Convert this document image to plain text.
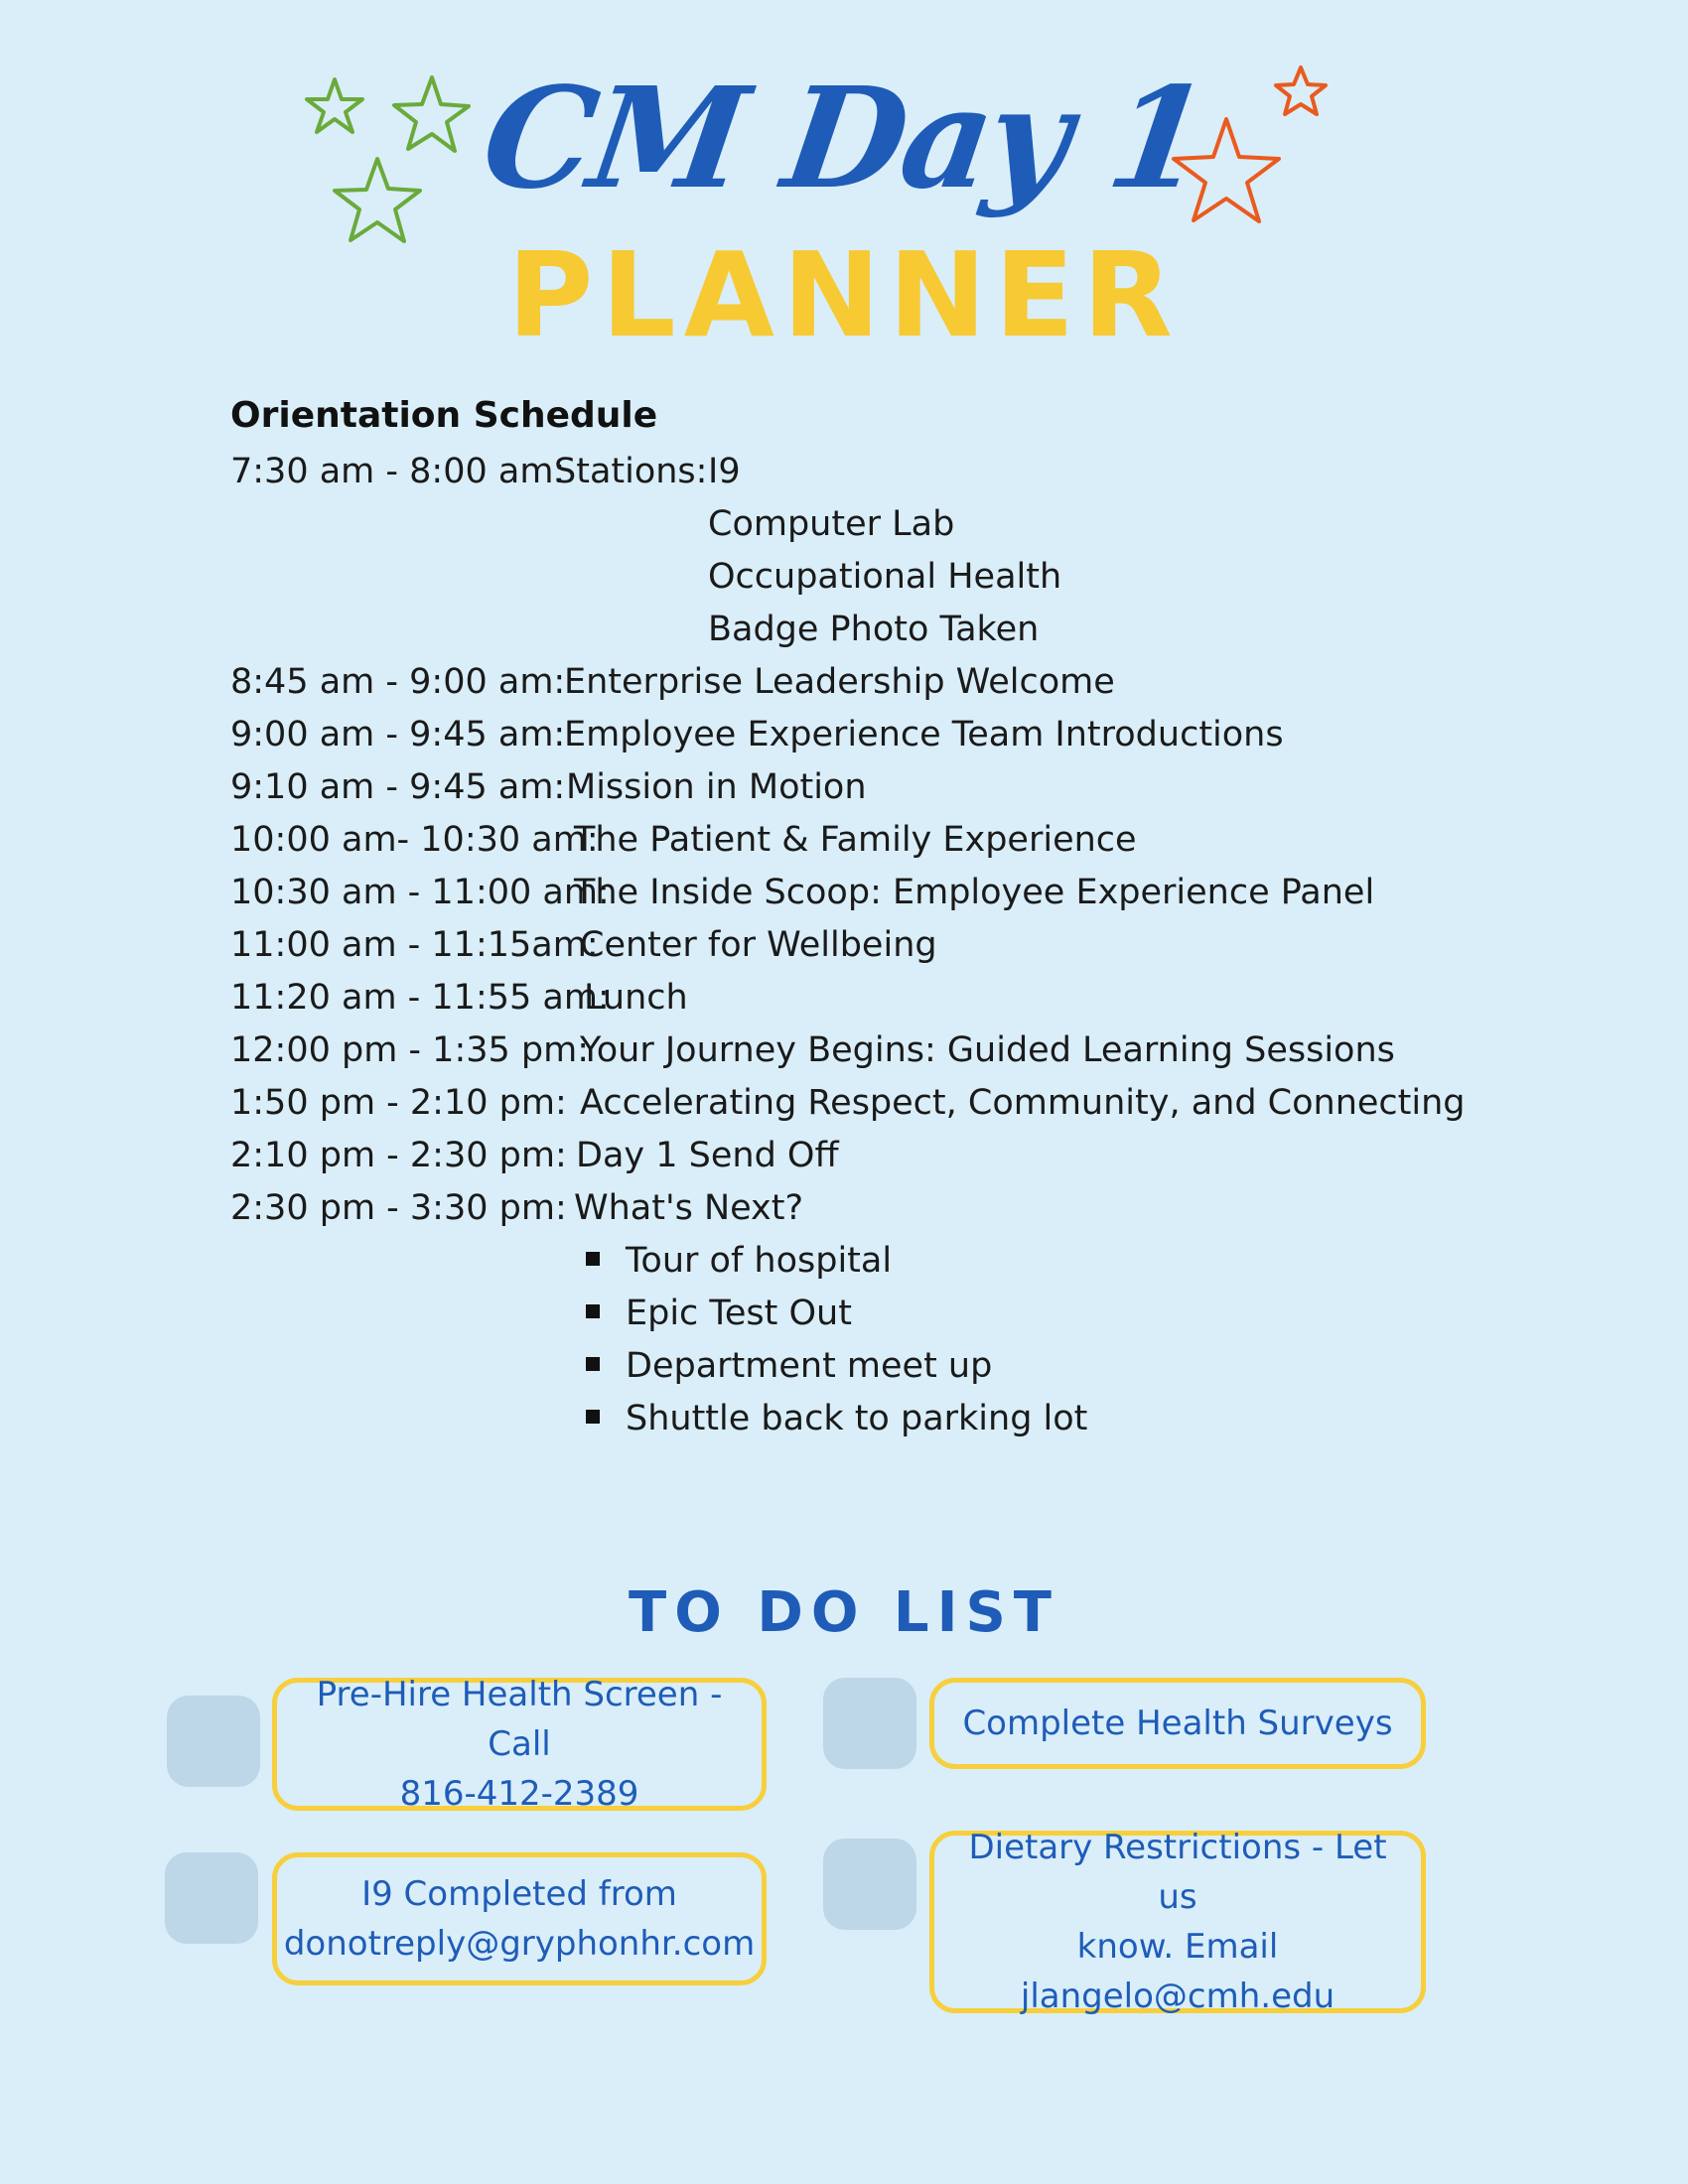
CM Day 1
PLANNER
Orientation Schedule
7:30 am - 8:00 am:
Stations: I9
Computer Lab
Occupational Health
Badge Photo Taken
8:45 am - 9:00 am:
Enterprise Leadership Welcome
9:00 am - 9:45 am:
Employee Experience Team Introductions
9:10 am - 9:45 am: Mission in Motion
10:00 am- 10:30 am:
The Patient & Family Experience
10:30 am - 11:00 am:
The Inside Scoop: Employee Experience Panel
11:00 am - 11:15am:
Center for Wellbeing
11:20 am - 11:55 am:
Lunch
12:00 pm - 1:35 pm:
Your Journey Begins: Guided Learning Sessions
1:50 pm - 2:10 pm: Accelerating Respect, Community, and Connecting
2:10 pm - 2:30 pm: Day 1 Send Off
2:30 pm - 3:30 pm: What's Next?
Tour of hospital
Epic Test Out
Department meet up
Shuttle back to parking lot
TO DO LIST
Pre-Hire Health Screen - Call
816-412-2389
Complete Health Surveys
I9 Completed from
donotreply@gryphonhr.com
Dietary Restrictions - Let us
know. Email
jlangelo@cmh.edu
